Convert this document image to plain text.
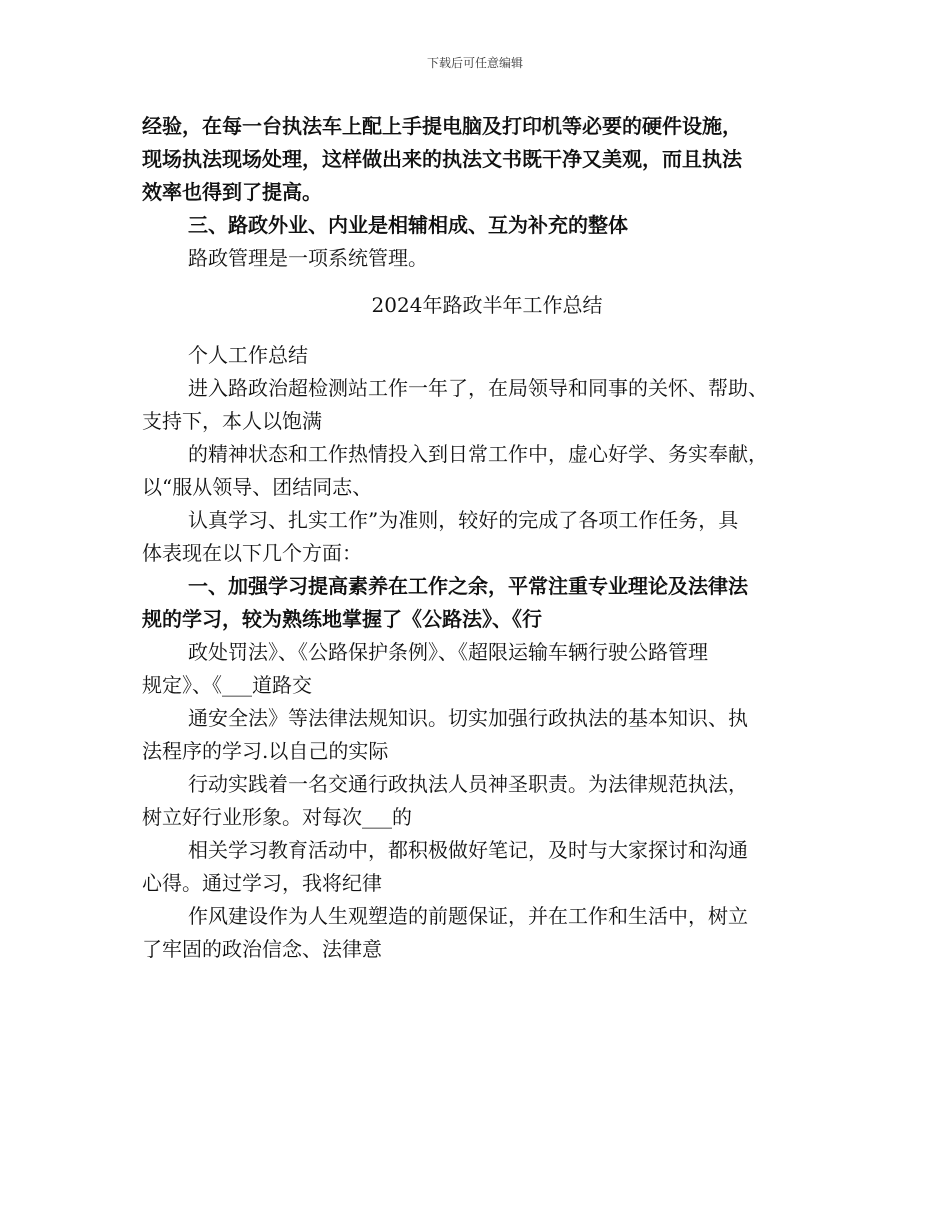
下载后可任意编辑

经验，在每一台执法车上配上手提电脑及打印机等必要的硬件设施，

现场执法现场处理，这样做出来的执法文书既干净又美观，而且执法

效率也得到了提高。

三、路政外业、内业是相辅相成、互为补充的整体

路政管理是一项系统管理。

2024年路政半年工作总结

个人工作总结

进入路政治超检测站工作一年了，在局领导和同事的关怀、帮助、

支持下，本人以饱满

的精神状态和工作热情投入到日常工作中，虚心好学、务实奉献，

以“服从领导、团结同志、

认真学习、扎实工作”为准则，较好的完成了各项工作任务，具

体表现在以下几个方面：

一、加强学习提高素养在工作之余，平常注重专业理论及法律法

规的学习，较为熟练地掌握了《公路法》、《行

政处罚法》、《公路保护条例》、《超限运输车辆行驶公路管理

规定》、《___道路交

通安全法》等法律法规知识。切实加强行政执法的基本知识、执

法程序的学习.以自己的实际

行动实践着一名交通行政执法人员神圣职责。为法律规范执法，

树立好行业形象。对每次___的

相关学习教育活动中，都积极做好笔记，及时与大家探讨和沟通

心得。通过学习，我将纪律

作风建设作为人生观塑造的前题保证，并在工作和生活中，树立

了牢固的政治信念、法律意
